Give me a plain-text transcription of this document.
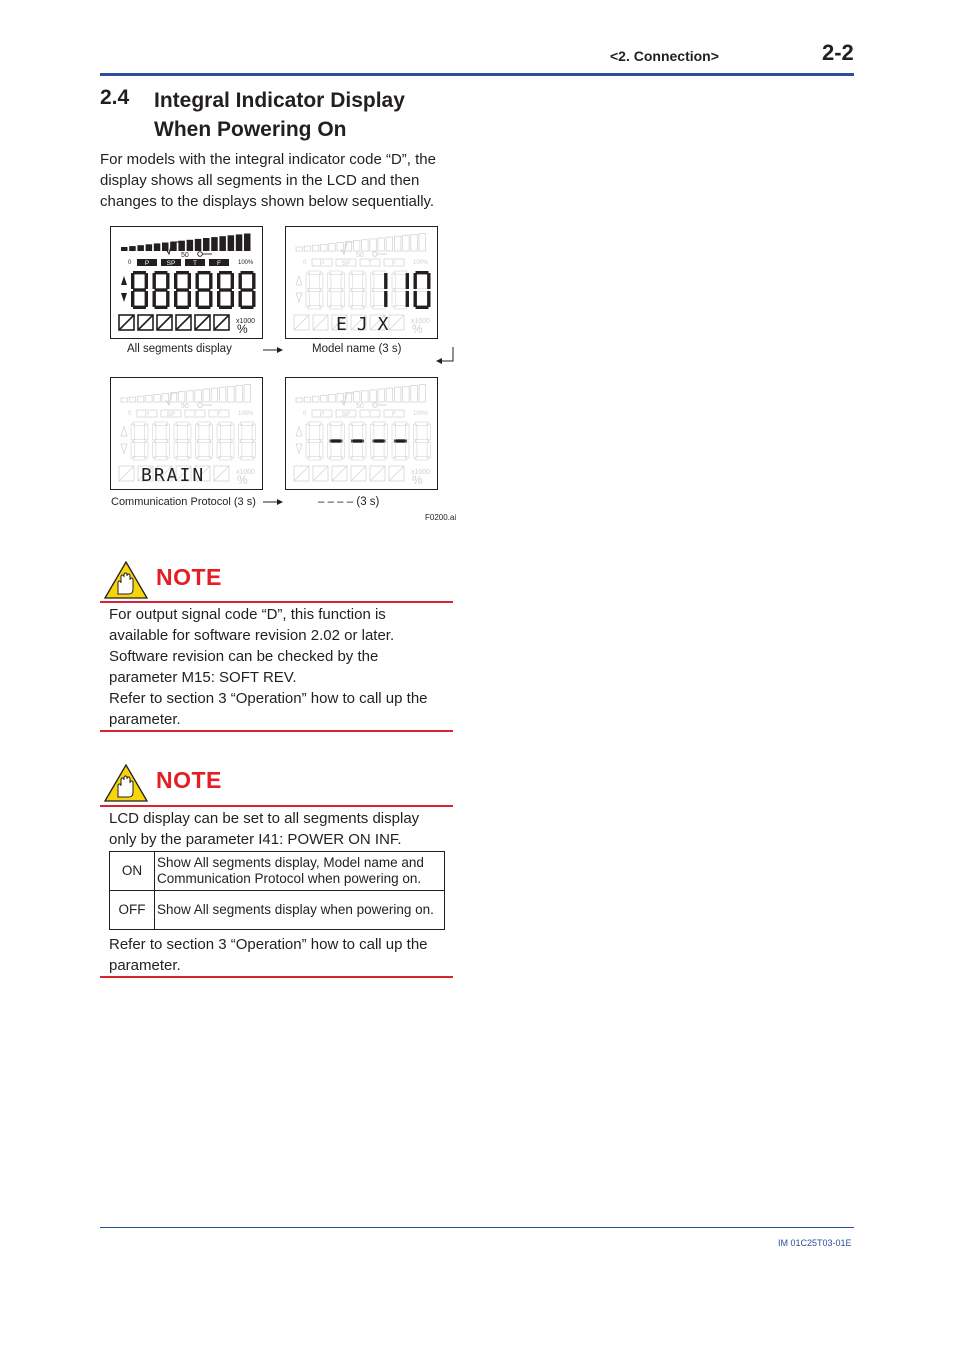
<2. Connection>	2-2
2.4 Integral Indicator Display
When Powering On
For models with the integral indicator code “D”, the display shows all segments in the LCD and then changes to the displays shown below sequentially.
50
0	100%
P	SP	T	F
x1000
%
50
0	100%
P	SP	T	F
EJX x1000
%
50
0	100%
P	SP	T	F
BRAIN	x1000
%
50
0	100%
P	SP	T	F
x1000
%
All segments display	Model name (3 s)
Communication Protocol (3 s)	– – – – (3 s)
F0200.ai
NOTE
For output signal code “D”, this function is
available for software revision 2.02 or later.
Software revision can be checked by the
parameter M15: SOFT REV.
Refer to section 3 “Operation” how to call up the
parameter.
NOTE
LCD display can be set to all segments display
only by the parameter I41: POWER ON INF.
ON	Show All segments display, Model name and Communication Protocol when powering on.
OFF	Show All segments display when powering on.
Refer to section 3 “Operation” how to call up the
parameter.
IM 01C25T03-01E
